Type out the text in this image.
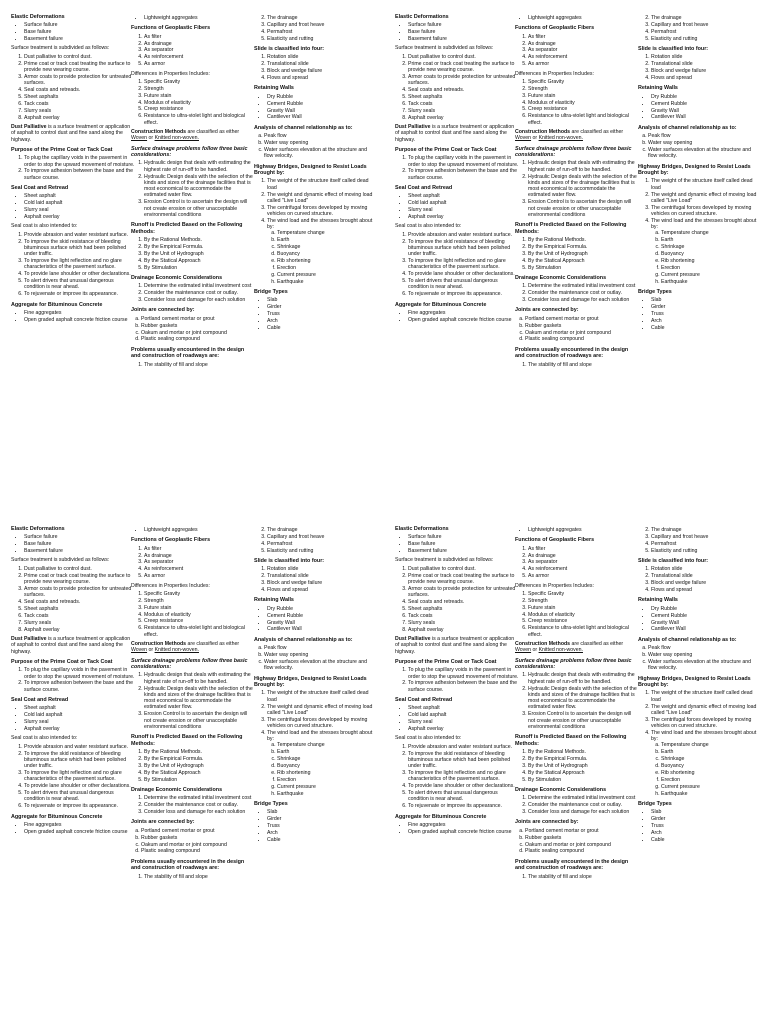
Elastic Deformations
• Surface failure
• Base failure
• Basement failure

Surface treatment is subdivided as follows:

1. Dust palliative to control dust.
2. Prime coat or track coat treating the surface to provide new wearing course.
3. Armor coats to provide protection for untreated surfaces.
4. Seal coats and retreads.
5. Sheet asphalts
6. Tack coats
7. Slurry seals
8. Asphalt overlay

Dust Palliative is a surface treatment or application of asphalt to control dust and fine sand along the highway.

Purpose of the Prime Coat or Tack Coat
1. To plug the capillary voids in the pavement in order to stop the upward movement of moisture.
2. To improve adhesion between the base and the surface course.
Seal Coat and Retread
• Sheet asphalt
• Cold laid asphalt
• Slurry seal
• Asphalt overlay

Seal coat is also intended to:

1. Provide abrasion and water resistant surface.
2. To improve the skid resistance of bleeding bituminous surface which had been polished under traffic.
3. To improve the light reflection and no glare characteristics of the pavement surface.
4. To provide lane shoulder or other declarations.
5. To alert drivers that unusual dangerous condition is near ahead.
6. To rejuvenate or improve its appearance.
Aggregate for Bituminous Concrete
• Fine aggregates
• Open graded asphalt concrete friction course
• Lightweight aggregates
Functions of Geoplastic Fibers
1. As filter
2. As drainage
3. As separator
4. As reinforcement
5. As armor

Differences in Properties Includes:

1. Specific Gravity
2. Strength
3. Future stain
4. Modulus of elasticity
5. Creep resistance
6. Resistance to ultra-violet light and biological effect.

Construction Methods are classified as either Woven or Knitted non-woven.

Surface drainage problems follow three basic considerations:
1. Hydraulic design that deals with estimating the highest rate of run-off to be handled.
2. Hydraulic Design deals with the selection of the kinds and sizes of the drainage facilities that is most economical to accommodate the estimated water flow.
3. Erosion Control is to ascertain the design will not create erosion or other unacceptable environmental conditions
Runoff is Predicted Based on the Following Methods:
1. By the Rational Methods.
2. By the Empirical Formula.
3. By the Unit of Hydrograph
4. By the Statical Approach
5. By Stimulation
Drainage Economic Considerations
1. Determine the estimated initial investment cost
2. Consider the maintenance cost or outlay.
3. Consider loss and damage for each solution
Joints are connected by:
a. Portland cement mortar or grout
b. Rubber gaskets
c. Oakum and mortar or joint compound
d. Plastic sealing compound
Problems usually encountered in the design and construction of roadways are:
1. The stability of fill and slope
2. The drainage
3. Capillary and frost heave
4. Permafrost
5. Elasticity and rutting
Slide is classified into four:
1. Rotation slide
2. Translational slide
3. Block and wedge failure
4. Flows and spread
Retaining Walls
• Dry Rubble
• Cement Rubble
• Gravity Wall
• Cantilever Wall
Analysis of channel relationship as to:
a. Peak flow
b. Water way opening
c. Water surfaces elevation at the structure and flow velocity.
Highway Bridges, Designed to Resist Loads Brought by:
1. The weight of the structure itself called dead load
2. The weight and dynamic effect of moving load called "Live Load"
3. The centrifugal forces developed by moving vehicles on curved structure.
4. The wind load and the stresses brought about by:
a. Temperature change
b. Earth
c. Shrinkage
d. Buoyancy
e. Rib shortening
f. Erection
g. Current pressure
h. Earthquake
Bridge Types
• Slab
• Girder
• Truss
• Arch
• Cable
Elastic Deformations
• Surface failure
• Base failure
• Basement failure

Surface treatment is subdivided as follows:

1. Dust palliative to control dust.
2. Prime coat or track coat treating the surface to provide new wearing course.
3. Armor coats to provide protection for untreated surfaces.
4. Seal coats and retreads.
5. Sheet asphalts
6. Tack coats
7. Slurry seals
8. Asphalt overlay

Dust Palliative is a surface treatment or application of asphalt to control dust and fine sand along the highway.

Purpose of the Prime Coat or Tack Coat
1. To plug the capillary voids in the pavement in order to stop the upward movement of moisture.
2. To improve adhesion between the base and the surface course.
Seal Coat and Retread
• Sheet asphalt
• Cold laid asphalt
• Slurry seal
• Asphalt overlay

Seal coat is also intended to:

1. Provide abrasion and water resistant surface.
2. To improve the skid resistance of bleeding bituminous surface which had been polished under traffic.
3. To improve the light reflection and no glare characteristics of the pavement surface.
4. To provide lane shoulder or other declarations.
5. To alert drivers that unusual dangerous condition is near ahead.
6. To rejuvenate or improve its appearance.
Aggregate for Bituminous Concrete
• Fine aggregates
• Open graded asphalt concrete friction course
• Lightweight aggregates
Functions of Geoplastic Fibers
1. As filter
2. As drainage
3. As separator
4. As reinforcement
5. As armor

Differences in Properties Includes:

1. Specific Gravity
2. Strength
3. Future stain
4. Modulus of elasticity
5. Creep resistance
6. Resistance to ultra-violet light and biological effect.

Construction Methods are classified as either Woven or Knitted non-woven.

Surface drainage problems follow three basic considerations:
1. Hydraulic design that deals with estimating the highest rate of run-off to be handled.
2. Hydraulic Design deals with the selection of the kinds and sizes of the drainage facilities that is most economical to accommodate the estimated water flow.
3. Erosion Control is to ascertain the design will not create erosion or other unacceptable environmental conditions
Runoff is Predicted Based on the Following Methods:
1. By the Rational Methods.
2. By the Empirical Formula.
3. By the Unit of Hydrograph
4. By the Statical Approach
5. By Stimulation
Drainage Economic Considerations
1. Determine the estimated initial investment cost
2. Consider the maintenance cost or outlay.
3. Consider loss and damage for each solution
Joints are connected by:
a. Portland cement mortar or grout
b. Rubber gaskets
c. Oakum and mortar or joint compound
d. Plastic sealing compound
Problems usually encountered in the design and construction of roadways are:
1. The stability of fill and slope
2. The drainage
3. Capillary and frost heave
4. Permafrost
5. Elasticity and rutting
Slide is classified into four:
1. Rotation slide
2. Translational slide
3. Block and wedge failure
4. Flows and spread
Retaining Walls
• Dry Rubble
• Cement Rubble
• Gravity Wall
• Cantilever Wall
Analysis of channel relationship as to:
a. Peak flow
b. Water way opening
c. Water surfaces elevation at the structure and flow velocity.
Highway Bridges, Designed to Resist Loads Brought by:
1. The weight of the structure itself called dead load
2. The weight and dynamic effect of moving load called "Live Load"
3. The centrifugal forces developed by moving vehicles on curved structure.
4. The wind load and the stresses brought about by:
a. Temperature change
b. Earth
c. Shrinkage
d. Buoyancy
e. Rib shortening
f. Erection
g. Current pressure
h. Earthquake
Bridge Types
• Slab
• Girder
• Truss
• Arch
• Cable
Elastic Deformations
• Surface failure
• Base failure
• Basement failure

Surface treatment is subdivided as follows:

1. Dust palliative to control dust.
2. Prime coat or track coat treating the surface to provide new wearing course.
3. Armor coats to provide protection for untreated surfaces.
4. Seal coats and retreads.
5. Sheet asphalts
6. Tack coats
7. Slurry seals
8. Asphalt overlay

Dust Palliative is a surface treatment or application of asphalt to control dust and fine sand along the highway.

Purpose of the Prime Coat or Tack Coat
1. To plug the capillary voids in the pavement in order to stop the upward movement of moisture.
2. To improve adhesion between the base and the surface course.
Seal Coat and Retread
• Sheet asphalt
• Cold laid asphalt
• Slurry seal
• Asphalt overlay

Seal coat is also intended to:

1. Provide abrasion and water resistant surface.
2. To improve the skid resistance of bleeding bituminous surface which had been polished under traffic.
3. To improve the light reflection and no glare characteristics of the pavement surface.
4. To provide lane shoulder or other declarations.
5. To alert drivers that unusual dangerous condition is near ahead.
6. To rejuvenate or improve its appearance.
Aggregate for Bituminous Concrete
• Fine aggregates
• Open graded asphalt concrete friction course
• Lightweight aggregates
Functions of Geoplastic Fibers
1. As filter
2. As drainage
3. As separator
4. As reinforcement
5. As armor

Differences in Properties Includes:

1. Specific Gravity
2. Strength
3. Future stain
4. Modulus of elasticity
5. Creep resistance
6. Resistance to ultra-violet light and biological effect.

Construction Methods are classified as either Woven or Knitted non-woven.

Surface drainage problems follow three basic considerations:
1. Hydraulic design that deals with estimating the highest rate of run-off to be handled.
2. Hydraulic Design deals with the selection of the kinds and sizes of the drainage facilities that is most economical to accommodate the estimated water flow.
3. Erosion Control is to ascertain the design will not create erosion or other unacceptable environmental conditions
Runoff is Predicted Based on the Following Methods:
1. By the Rational Methods.
2. By the Empirical Formula.
3. By the Unit of Hydrograph
4. By the Statical Approach
5. By Stimulation
Drainage Economic Considerations
1. Determine the estimated initial investment cost
2. Consider the maintenance cost or outlay.
3. Consider loss and damage for each solution
Joints are connected by:
a. Portland cement mortar or grout
b. Rubber gaskets
c. Oakum and mortar or joint compound
d. Plastic sealing compound
Problems usually encountered in the design and construction of roadways are:
1. The stability of fill and slope
2. The drainage
3. Capillary and frost heave
4. Permafrost
5. Elasticity and rutting
Slide is classified into four:
1. Rotation slide
2. Translational slide
3. Block and wedge failure
4. Flows and spread
Retaining Walls
• Dry Rubble
• Cement Rubble
• Gravity Wall
• Cantilever Wall
Analysis of channel relationship as to:
a. Peak flow
b. Water way opening
c. Water surfaces elevation at the structure and flow velocity.
Highway Bridges, Designed to Resist Loads Brought by:
1. The weight of the structure itself called dead load
2. The weight and dynamic effect of moving load called "Live Load"
3. The centrifugal forces developed by moving vehicles on curved structure.
4. The wind load and the stresses brought about by:
a. Temperature change
b. Earth
c. Shrinkage
d. Buoyancy
e. Rib shortening
f. Erection
g. Current pressure
h. Earthquake
Bridge Types
• Slab
• Girder
• Truss
• Arch
• Cable
Elastic Deformations
• Surface failure
• Base failure
• Basement failure

Surface treatment is subdivided as follows:

1. Dust palliative to control dust.
2. Prime coat or track coat treating the surface to provide new wearing course.
3. Armor coats to provide protection for untreated surfaces.
4. Seal coats and retreads.
5. Sheet asphalts
6. Tack coats
7. Slurry seals
8. Asphalt overlay

Dust Palliative is a surface treatment or application of asphalt to control dust and fine sand along the highway.

Purpose of the Prime Coat or Tack Coat
1. To plug the capillary voids in the pavement in order to stop the upward movement of moisture.
2. To improve adhesion between the base and the surface course.
Seal Coat and Retread
• Sheet asphalt
• Cold laid asphalt
• Slurry seal
• Asphalt overlay

Seal coat is also intended to:

1. Provide abrasion and water resistant surface.
2. To improve the skid resistance of bleeding bituminous surface which had been polished under traffic.
3. To improve the light reflection and no glare characteristics of the pavement surface.
4. To provide lane shoulder or other declarations.
5. To alert drivers that unusual dangerous condition is near ahead.
6. To rejuvenate or improve its appearance.
Aggregate for Bituminous Concrete
• Fine aggregates
• Open graded asphalt concrete friction course
• Lightweight aggregates
Functions of Geoplastic Fibers
1. As filter
2. As drainage
3. As separator
4. As reinforcement
5. As armor

Differences in Properties Includes:

1. Specific Gravity
2. Strength
3. Future stain
4. Modulus of elasticity
5. Creep resistance
6. Resistance to ultra-violet light and biological effect.

Construction Methods are classified as either Woven or Knitted non-woven.

Surface drainage problems follow three basic considerations:
1. Hydraulic design that deals with estimating the highest rate of run-off to be handled.
2. Hydraulic Design deals with the selection of the kinds and sizes of the drainage facilities that is most economical to accommodate the estimated water flow.
3. Erosion Control is to ascertain the design will not create erosion or other unacceptable environmental conditions
Runoff is Predicted Based on the Following Methods:
1. By the Rational Methods.
2. By the Empirical Formula.
3. By the Unit of Hydrograph
4. By the Statical Approach
5. By Stimulation
Drainage Economic Considerations
1. Determine the estimated initial investment cost
2. Consider the maintenance cost or outlay.
3. Consider loss and damage for each solution
Joints are connected by:
a. Portland cement mortar or grout
b. Rubber gaskets
c. Oakum and mortar or joint compound
d. Plastic sealing compound
Problems usually encountered in the design and construction of roadways are:
1. The stability of fill and slope
2. The drainage
3. Capillary and frost heave
4. Permafrost
5. Elasticity and rutting
Slide is classified into four:
1. Rotation slide
2. Translational slide
3. Block and wedge failure
4. Flows and spread
Retaining Walls
• Dry Rubble
• Cement Rubble
• Gravity Wall
• Cantilever Wall
Analysis of channel relationship as to:
a. Peak flow
b. Water way opening
c. Water surfaces elevation at the structure and flow velocity.
Highway Bridges, Designed to Resist Loads Brought by:
1. The weight of the structure itself called dead load
2. The weight and dynamic effect of moving load called "Live Load"
3. The centrifugal forces developed by moving vehicles on curved structure.
4. The wind load and the stresses brought about by:
a. Temperature change
b. Earth
c. Shrinkage
d. Buoyancy
e. Rib shortening
f. Erection
g. Current pressure
h. Earthquake
Bridge Types
• Slab
• Girder
• Truss
• Arch
• Cable
